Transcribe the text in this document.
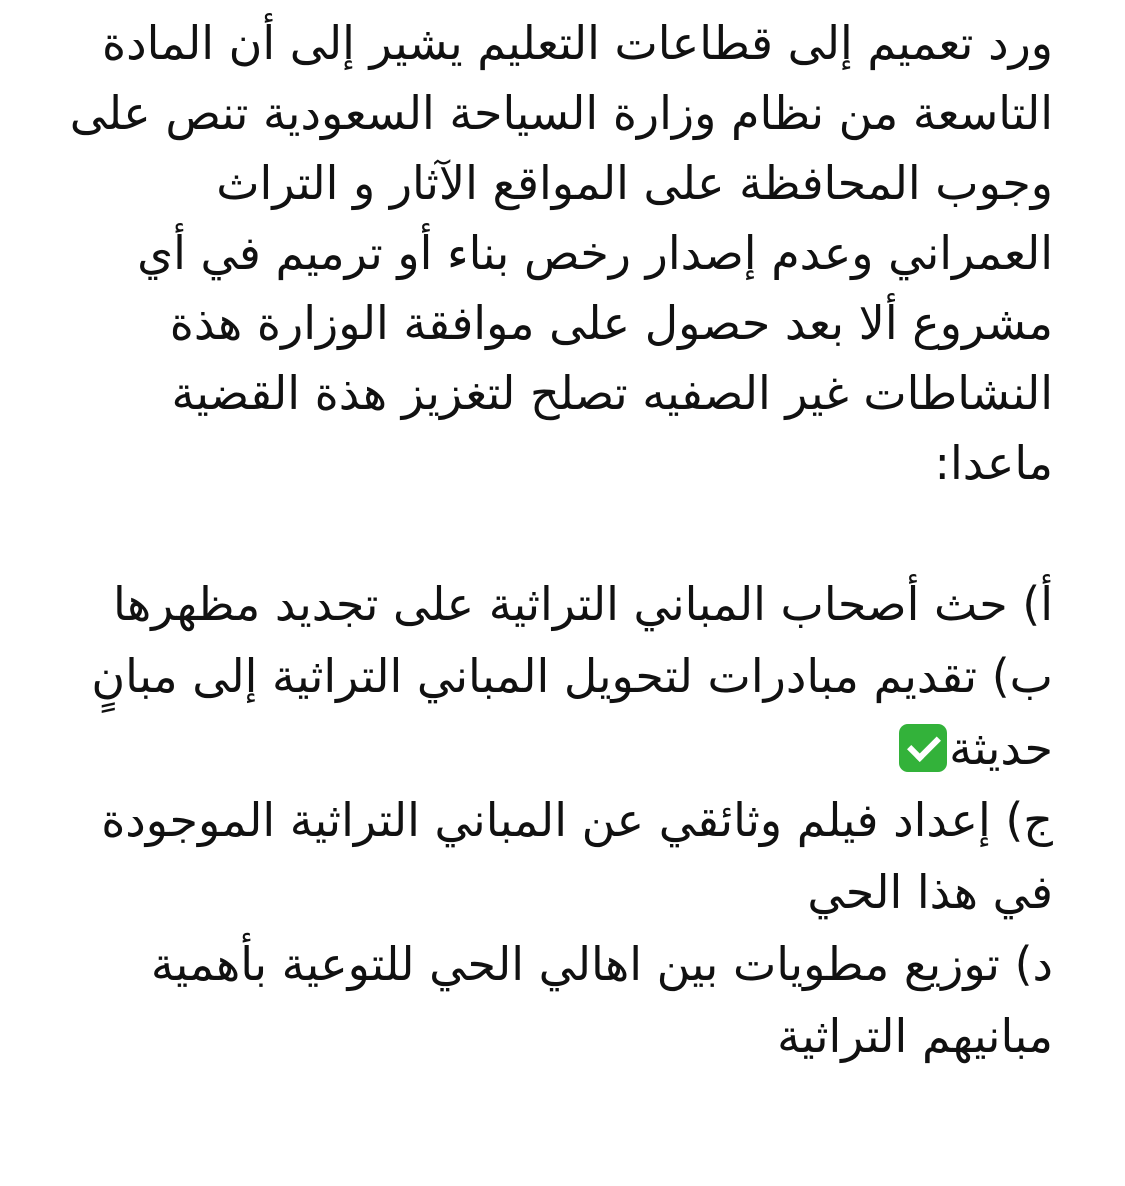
ورد تعميم إلى قطاعات التعليم يشير إلى أن المادة التاسعة من نظام وزارة السياحة السعودية تنص على وجوب المحافظة على المواقع الآثار و التراث العمراني وعدم إصدار رخص بناء أو ترميم في أي مشروع ألا بعد حصول على موافقة الوزارة هذة النشاطات غير الصفيه تصلح لتغزيز هذة القضية ماعدا:

أ) حث أصحاب المباني التراثية على تجديد مظهرها

ب) تقديم مبادرات لتحويل المباني التراثية إلى مبانٍ حديثة

ج) إعداد فيلم وثائقي عن المباني التراثية الموجودة في هذا الحي

د) توزيع مطويات بين اهالي الحي للتوعية بأهمية مبانيهم التراثية
